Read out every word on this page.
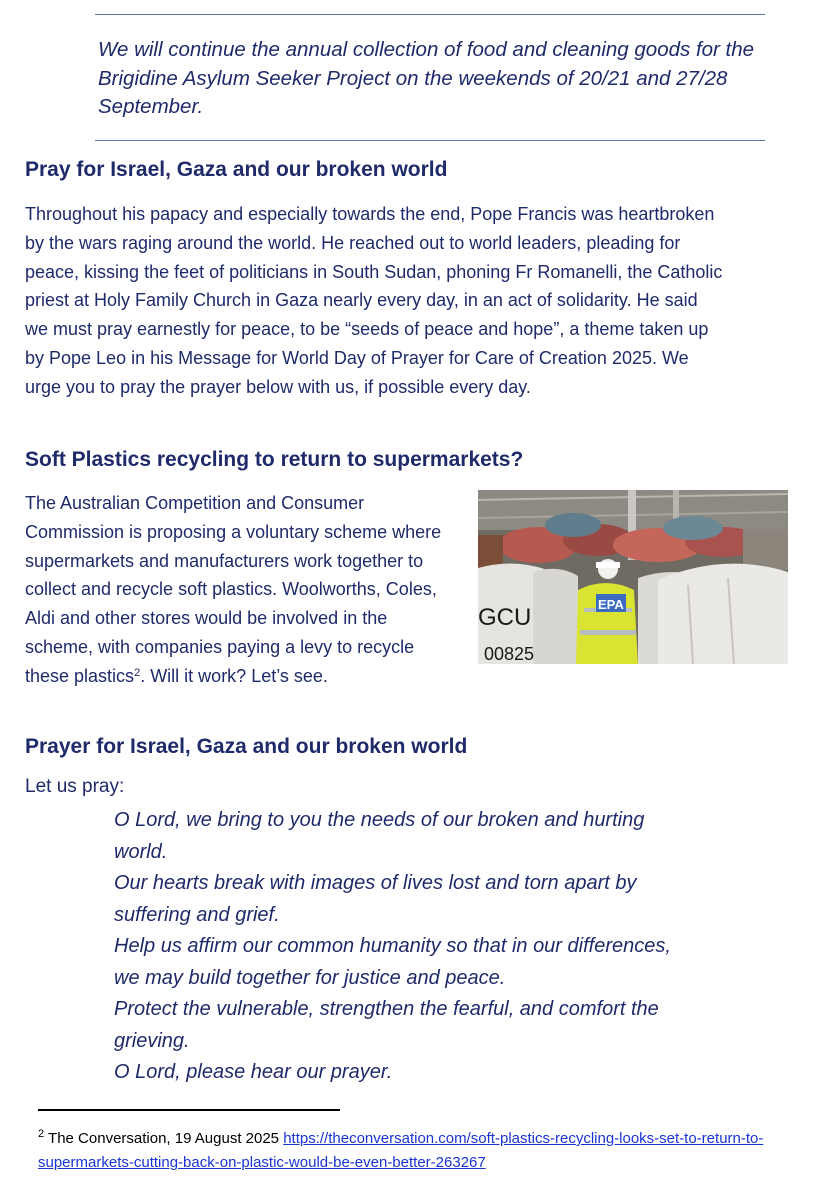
We will continue the annual collection of food and cleaning goods for the Brigidine Asylum Seeker Project on the weekends of 20/21 and 27/28 September.

Pray for Israel, Gaza and our broken world

Throughout his papacy and especially towards the end, Pope Francis was heartbroken by the wars raging around the world. He reached out to world leaders, pleading for peace, kissing the feet of politicians in South Sudan, phoning Fr Romanelli, the Catholic priest at Holy Family Church in Gaza nearly every day, in an act of solidarity. He said we must pray earnestly for peace, to be “seeds of peace and hope”, a theme taken up by Pope Leo in his Message for World Day of Prayer for Care of Creation 2025. We urge you to pray the prayer below with us, if possible every day.

Soft Plastics recycling to return to supermarkets?

The Australian Competition and Consumer Commission is proposing a voluntary scheme where supermarkets and manufacturers work together to collect and recycle soft plastics. Woolworths, Coles, Aldi and other stores would be involved in the scheme, with companies paying a levy to recycle these plastics$^2$. Will it work? Let’s see.

GCU
00825
EPA
Prayer for Israel, Gaza and our broken world

Let us pray:

O Lord, we bring to you the needs of our broken and hurting world.
Our hearts break with images of lives lost and torn apart by suffering and grief.
Help us affirm our common humanity so that in our differences, we may build together for justice and peace.
Protect the vulnerable, strengthen the fearful, and comfort the grieving.
O Lord, please hear our prayer.

$^2$ The Conversation, 19 August 2025 https://theconversation.com/soft-plastics-recycling-looks-set-to-return-to-supermarkets-cutting-back-on-plastic-would-be-even-better-263267
